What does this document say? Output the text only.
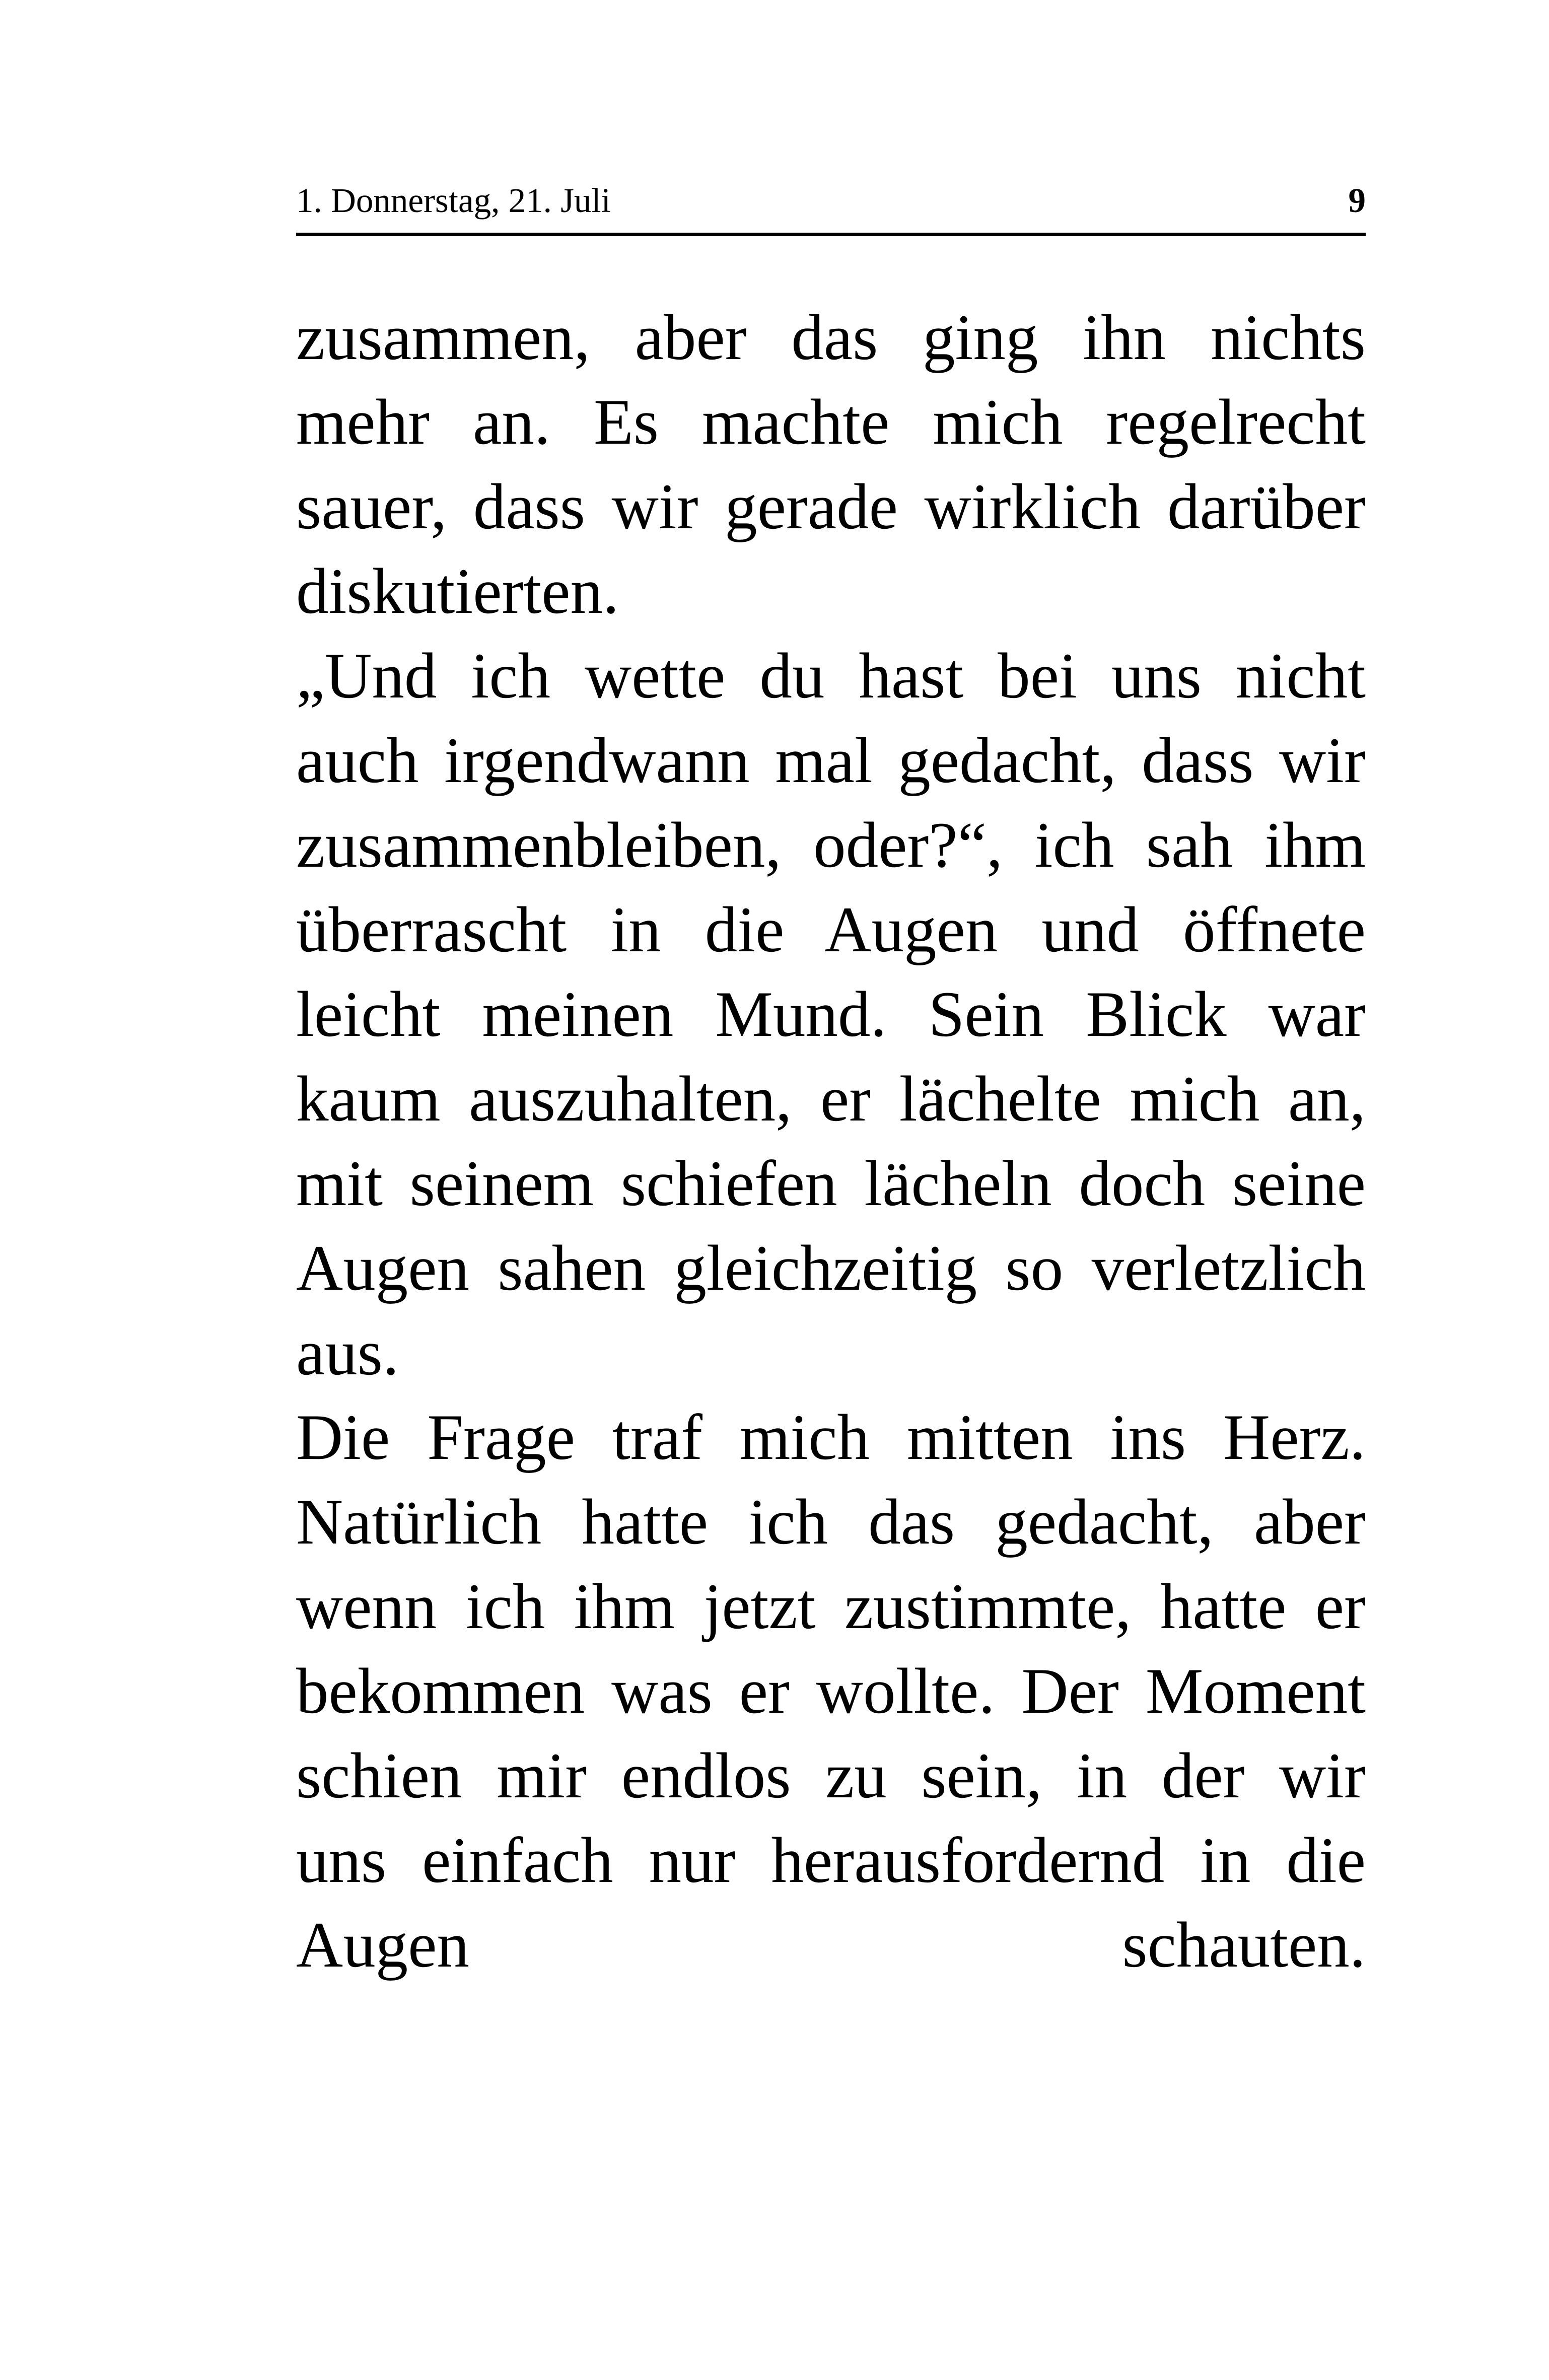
1. Donnerstag, 21. Juli	9
zusammen, aber das ging ihn nichts
mehr an. Es machte mich regelrecht
sauer, dass wir gerade wirklich darüber
diskutierten.
„Und ich wette du hast bei uns nicht
auch irgendwann mal gedacht, dass wir
zusammenbleiben, oder?“, ich sah ihm
überrascht in die Augen und öffnete
leicht meinen Mund. Sein Blick war
kaum auszuhalten, er lächelte mich an,
mit seinem schiefen lächeln doch seine
Augen sahen gleichzeitig so verletzlich
aus.
Die Frage traf mich mitten ins Herz.
Natürlich hatte ich das gedacht, aber
wenn ich ihm jetzt zustimmte, hatte er
bekommen was er wollte. Der Moment
schien mir endlos zu sein, in der wir
uns einfach nur herausfordernd in die
Augen schauten.
